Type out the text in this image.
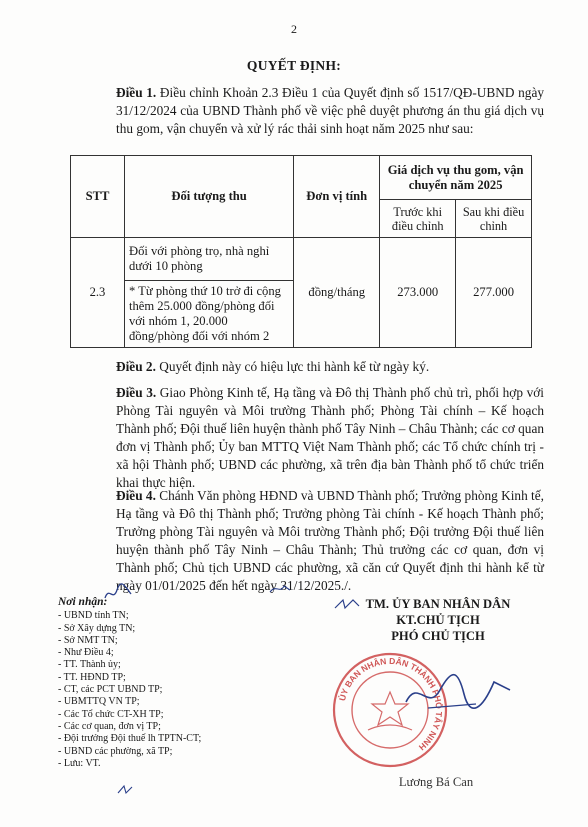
2
QUYẾT ĐỊNH:
Điều 1. Điều chỉnh Khoản 2.3 Điều 1 của Quyết định số 1517/QĐ-UBND ngày 31/12/2024 của UBND Thành phố về việc phê duyệt phương án thu giá dịch vụ thu gom, vận chuyển và xử lý rác thải sinh hoạt năm 2025 như sau:
STT	Đối tượng thu	Đơn vị tính	Giá dịch vụ thu gom, vận chuyển năm 2025	
			Trước khi điều chỉnh	Sau khi điều chỉnh
2.3	Đối với phòng trọ, nhà nghỉ dưới 10 phòng	đồng/tháng	273.000	277.000
	* Từ phòng thứ 10 trở đi cộng thêm 25.000 đồng/phòng đối với nhóm 1, 20.000 đồng/phòng đối với nhóm 2			
Điều 2. Quyết định này có hiệu lực thi hành kể từ ngày ký.
Điều 3. Giao Phòng Kinh tế, Hạ tầng và Đô thị Thành phố chủ trì, phối hợp với Phòng Tài nguyên và Môi trường Thành phố; Phòng Tài chính – Kế hoạch Thành phố; Đội thuế liên huyện thành phố Tây Ninh – Châu Thành; các cơ quan đơn vị Thành phố; Ủy ban MTTQ Việt Nam Thành phố; các Tổ chức chính trị - xã hội Thành phố; UBND các phường, xã trên địa bàn Thành phố tổ chức triển khai thực hiện.
Điều 4. Chánh Văn phòng HĐND và UBND Thành phố; Trưởng phòng Kinh tế, Hạ tầng và Đô thị Thành phố; Trưởng phòng Tài chính - Kế hoạch Thành phố; Trưởng phòng Tài nguyên và Môi trường Thành phố; Đội trưởng Đội thuế liên huyện thành phố Tây Ninh – Châu Thành; Thủ trưởng các cơ quan, đơn vị Thành phố; Chủ tịch UBND các phường, xã căn cứ Quyết định thi hành kể từ ngày 01/01/2025 đến hết ngày 31/12/2025./.
Nơi nhận:
- UBND tỉnh TN;
- Sở Xây dựng TN;
- Sở NMT TN;
- Như Điều 4;
- TT. Thành ủy;
- TT. HĐND TP;
- CT, các PCT UBND TP;
- UBMTTQ VN TP;
- Các Tổ chức CT-XH TP;
- Các cơ quan, đơn vị TP;
- Đội trưởng Đội thuế lh TPTN-CT;
- UBND các phường, xã TP;
- Lưu: VT.
TM. ỦY BAN NHÂN DÂN
KT.CHỦ TỊCH
PHÓ CHỦ TỊCH
ỦY BAN NHÂN DÂN THÀNH PHỐ TÂY NINH
Lương Bá Can
